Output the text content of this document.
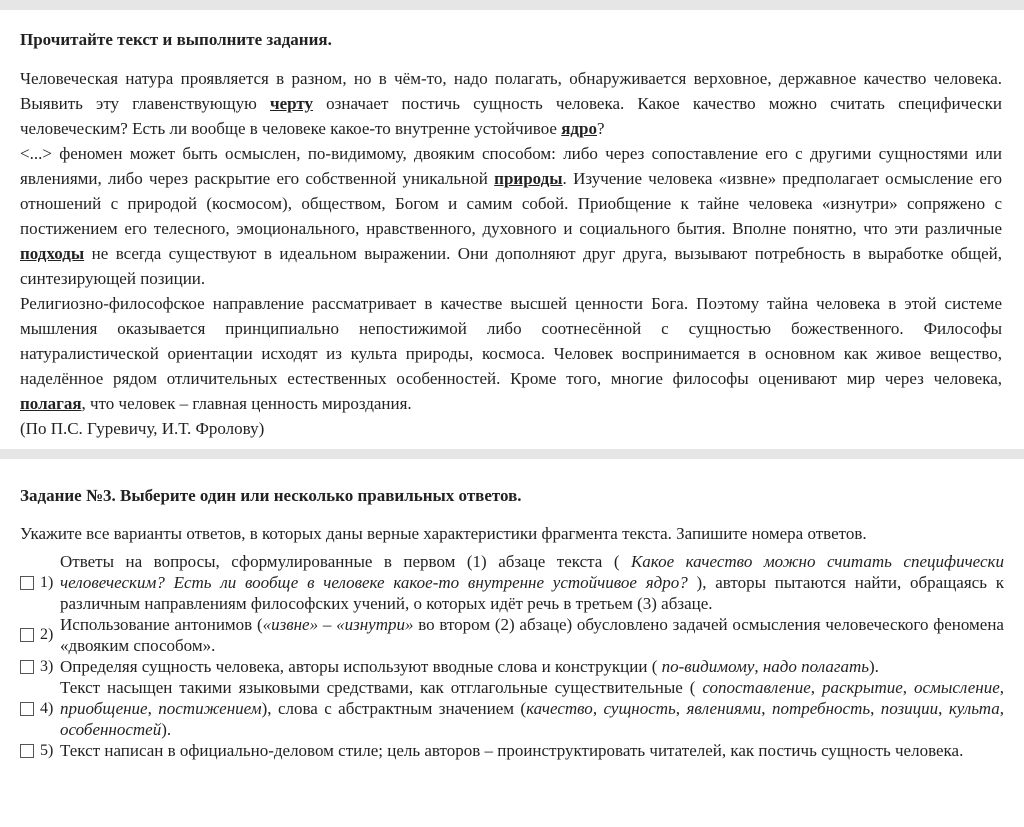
Прочитайте текст и выполните задания.

Человеческая натура проявляется в разном, но в чём-то, надо полагать, обнаруживается верховное, державное качество человека. Выявить эту главенствующую черту означает постичь сущность человека. Какое качество можно считать специфически человеческим? Есть ли вообще в человеке какое-то внутренне устойчивое ядро?

<...> феномен может быть осмыслен, по-видимому, двояким способом: либо через сопоставление его с другими сущностями или явлениями, либо через раскрытие его собственной уникальной природы. Изучение человека «извне» предполагает осмысление его отношений с природой (космосом), обществом, Богом и самим собой. Приобщение к тайне человека «изнутри» сопряжено с постижением его телесного, эмоционального, нравственного, духовного и социального бытия. Вполне понятно, что эти различные подходы не всегда существуют в идеальном выражении. Они дополняют друг друга, вызывают потребность в выработке общей, синтезирующей позиции.

Религиозно-философское направление рассматривает в качестве высшей ценности Бога. Поэтому тайна человека в этой системе мышления оказывается принципиально непостижимой либо соотнесённой с сущностью божественного. Философы натуралистической ориентации исходят из культа природы, космоса. Человек воспринимается в основном как живое вещество, наделённое рядом отличительных естественных особенностей. Кроме того, многие философы оценивают мир через человека, полагая, что человек – главная ценность мироздания.

(По П.С. Гуревичу, И.Т. Фролову)

Задание №3. Выберите один или несколько правильных ответов.

Укажите все варианты ответов, в которых даны верные характеристики фрагмента текста. Запишите номера ответов.
1)
Ответы на вопросы, сформулированные в первом (1) абзаце текста ( Какое качество можно считать специфически человеческим? Есть ли вообще в человеке какое-то внутренне устойчивое ядро? ), авторы пытаются найти, обращаясь к различным направлениям философских учений, о которых идёт речь в третьем (3) абзаце.
2)
Использование антонимов («извне» – «изнутри» во втором (2) абзаце) обусловлено задачей осмысления человеческого феномена «двояким способом».
3) Определяя сущность человека, авторы используют вводные слова и конструкции ( по-видимому, надо полагать).
4)
Текст насыщен такими языковыми средствами, как отглагольные существительные ( сопоставление, раскрытие, осмысление, приобщение, постижением), слова с абстрактным значением (качество, сущность, явлениями, потребность, позиции, культа, особенностей).
5) Текст написан в официально-деловом стиле; цель авторов – проинструктировать читателей, как постичь сущность человека.
